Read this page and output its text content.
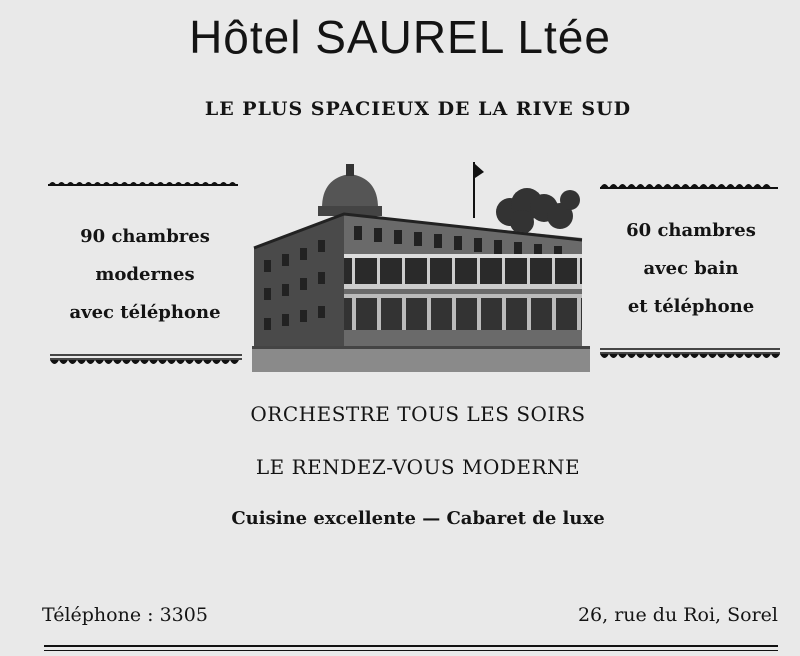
Hôtel SAUREL Ltée
LE PLUS SPACIEUX DE LA RIVE SUD
90 chambres
modernes
avec téléphone
60 chambres
avec bain
et téléphone
ORCHESTRE TOUS LES SOIRS
LE RENDEZ-VOUS MODERNE
Cuisine excellente — Cabaret de luxe
Téléphone : 3305	26, rue du Roi, Sorel
